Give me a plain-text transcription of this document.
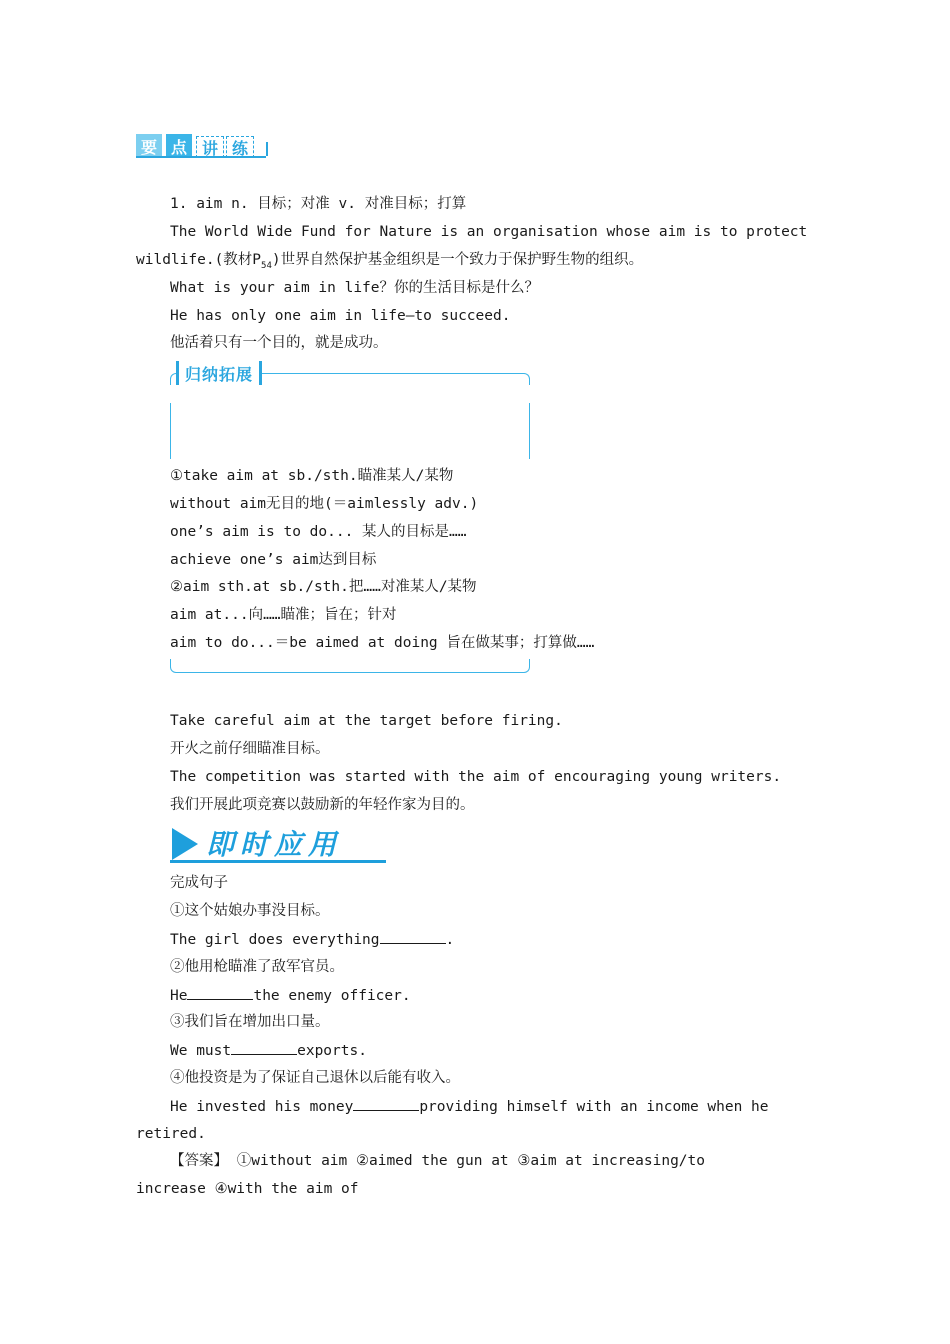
要 点 讲 练
1. aim n. 目标；对准 v. 对准目标；打算
The World Wide Fund for Nature is an organisation whose aim is to protect
wildlife.(教材$P_{54}$)世界自然保护基金组织是一个致力于保护野生物的组织。
What is your aim in life？你的生活目标是什么？
He has only one aim in life—to succeed.
他活着只有一个目的，就是成功。
归纳拓展
①take aim at sb./sth.瞄准某人/某物
without aim无目的地(＝aimlessly adv.)
one’s aim is to do... 某人的目标是……
achieve one’s aim达到目标
②aim sth.at sb./sth.把……对准某人/某物
aim at...向……瞄准；旨在；针对
aim to do...＝be aimed at doing 旨在做某事；打算做……
Take careful aim at the target before firing.
开火之前仔细瞄准目标。
The competition was started with the aim of encouraging young writers.
我们开展此项竞赛以鼓励新的年轻作家为目的。
即时应用
完成句子
①这个姑娘办事没目标。
The girl does everything	.
②他用枪瞄准了敌军官员。
He	the enemy officer.
③我们旨在增加出口量。
We must	exports.
④他投资是为了保证自己退休以后能有收入。
He invested his money	providing himself with an income when he
retired.
【答案】 ①without aim ②aimed the gun at ③aim at increasing/to
increase ④with the aim of
